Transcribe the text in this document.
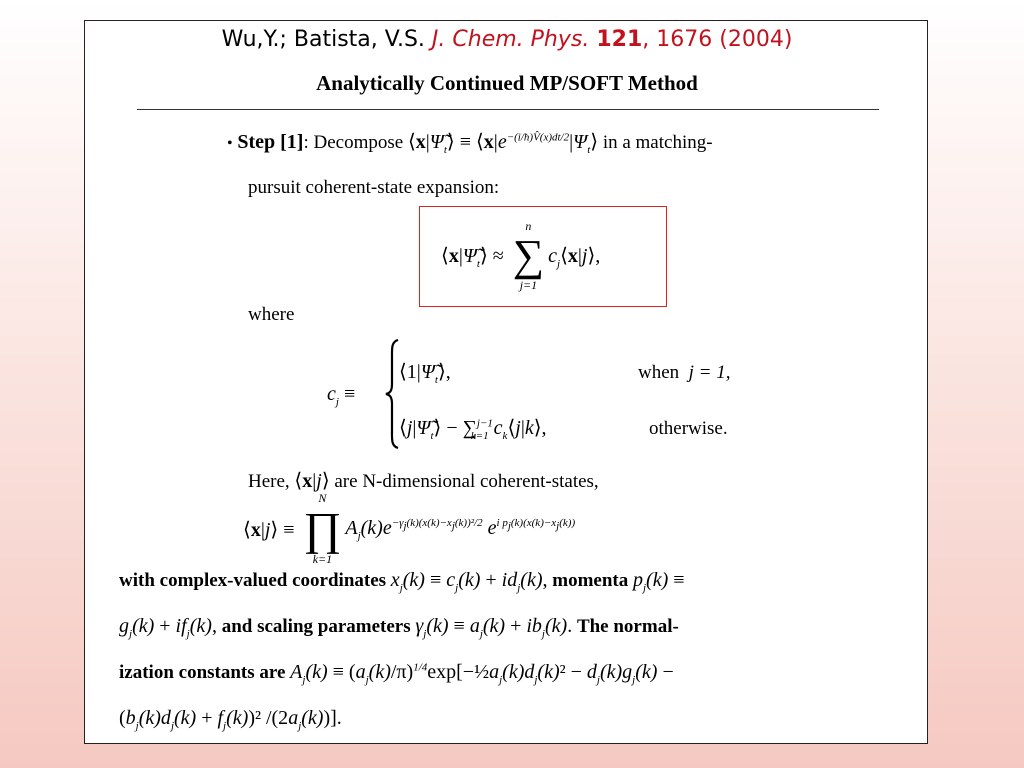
Wu,Y.; Batista, V.S. J. Chem. Phys. 121, 1676 (2004)
Analytically Continued MP/SOFT Method
• Step [1]: Decompose $⟨x|\Psĩ_t⟩$ ≡ $⟨x|e^{-(i/ħ)V̂(x)dt/2}|\Psi_t⟩$ in a matching-
pursuit coherent-state expansion:
$⟨x|\Psĩ_t⟩$ ≈
n
∑
j=1
$c_j⟨x|j⟩$,
where
$c_j$ ≡
$⟨1|\Psĩ_t⟩$,	when j = 1,
$⟨j|\Psĩ_t⟩ - \sum^{j-1}_{k=1}$ $c_k⟨j|k⟩$,	otherwise.
Here, ⟨x|j⟩ are N-dimensional coherent-states,
⟨x|j⟩ ≡
N
∏
k=1
$A_j(k)e^{-\gamma_j(k)(x(k)-x_j(k))^2/2}$ $e^{i p_j(k)(x(k)-x_j(k))}$
with complex-valued coordinates $x_j(k) \equiv c_j(k) + id_j(k)$, momenta $p_j(k)$ ≡
$g_j(k) + if_j(k)$, and scaling parameters $\gamma_j(k) \equiv a_j(k) + ib_j(k)$. The normal-
ization constants are $A_j(k)$ ≡ $(a_j(k)/\pi)^{1/4}\exp[-\frac{1}{2}a_j(k)d_j(k)^2 - d_j(k)g_j(k)$ −
$(b_j(k)d_j(k) + f_j(k))^2$ $/(2a_j(k))$].
